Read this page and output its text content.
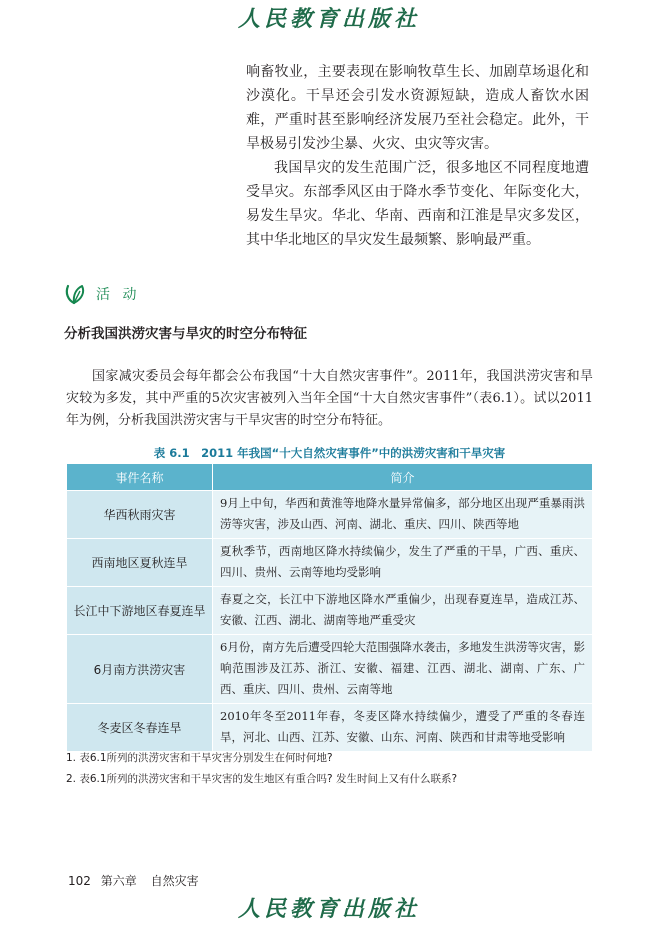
人民教育出版社

响畜牧业，主要表现在影响牧草生长、加剧草场退化和沙漠化。干旱还会引发水资源短缺，造成人畜饮水困难，严重时甚至影响经济发展乃至社会稳定。此外，干旱极易引发沙尘暴、火灾、虫灾等灾害。

我国旱灾的发生范围广泛，很多地区不同程度地遭受旱灾。东部季风区由于降水季节变化、年际变化大，易发生旱灾。华北、华南、西南和江淮是旱灾多发区，其中华北地区的旱灾发生最频繁、影响最严重。

活 动
分析我国洪涝灾害与旱灾的时空分布特征

国家减灾委员会每年都会公布我国“十大自然灾害事件”。2011年，我国洪涝灾害和旱灾较为多发，其中严重的5次灾害被列入当年全国“十大自然灾害事件”（表6.1）。试以2011年为例，分析我国洪涝灾害与干旱灾害的时空分布特征。

表 6.1　2011 年我国“十大自然灾害事件”中的洪涝灾害和干旱灾害
事件名称	简介
华西秋雨灾害	9月上中旬，华西和黄淮等地降水量异常偏多，部分地区出现严重暴雨洪涝等灾害，涉及山西、河南、湖北、重庆、四川、陕西等地
西南地区夏秋连旱	夏秋季节，西南地区降水持续偏少，发生了严重的干旱，广西、重庆、四川、贵州、云南等地均受影响
长江中下游地区春夏连旱	春夏之交，长江中下游地区降水严重偏少，出现春夏连旱，造成江苏、安徽、江西、湖北、湖南等地严重受灾
6月南方洪涝灾害	6月份，南方先后遭受四轮大范围强降水袭击，多地发生洪涝等灾害，影响范围涉及江苏、浙江、安徽、福建、江西、湖北、湖南、广东、广西、重庆、四川、贵州、云南等地
冬麦区冬春连旱	2010年冬至2011年春，冬麦区降水持续偏少，遭受了严重的冬春连旱，河北、山西、江苏、安徽、山东、河南、陕西和甘肃等地受影响
1. 表6.1所列的洪涝灾害和干旱灾害分别发生在何时何地?
2. 表6.1所列的洪涝灾害和干旱灾害的发生地区有重合吗? 发生时间上又有什么联系?
102 第六章 自然灾害
人民教育出版社
